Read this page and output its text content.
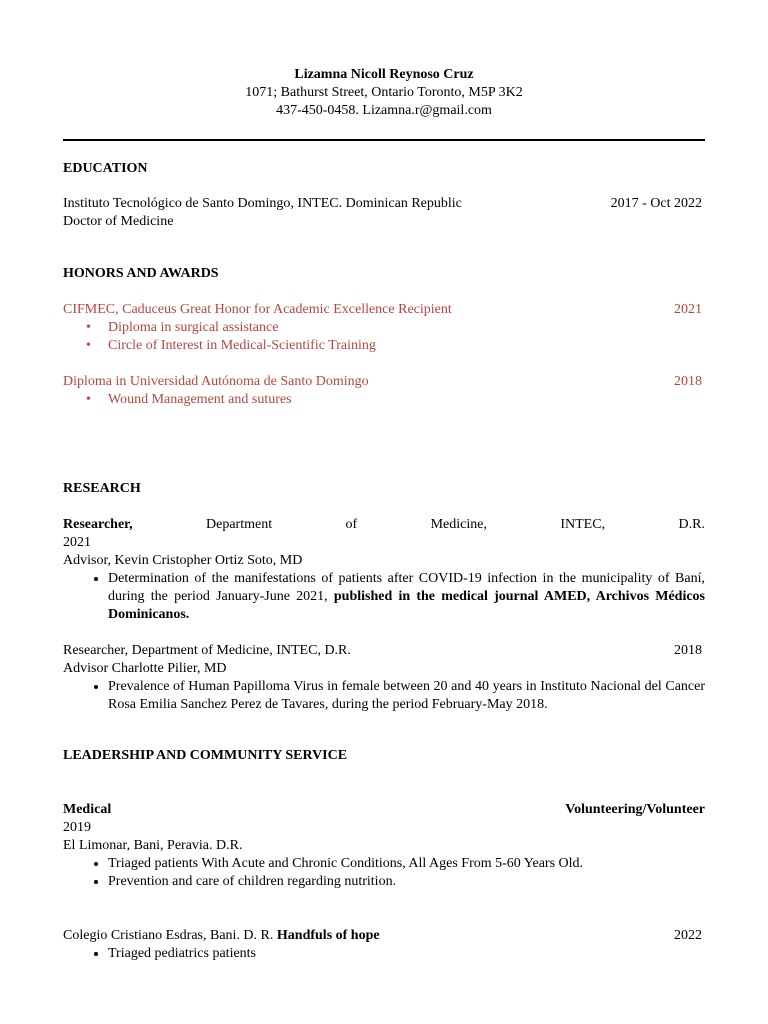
Lizamna Nicoll Reynoso Cruz
1071; Bathurst Street, Ontario Toronto, M5P 3K2
437-450-0458. Lizamna.r@gmail.com
EDUCATION
Instituto Tecnológico de Santo Domingo, INTEC. Dominican Republic	2017 - Oct 2022
Doctor of Medicine
HONORS AND AWARDS
CIFMEC, Caduceus Great Honor for Academic Excellence Recipient	2021
• Diploma in surgical assistance
• Circle of Interest in Medical-Scientific Training
Diploma in Universidad Autónoma de Santo Domingo	2018
• Wound Management and sutures
RESEARCH
Researcher,	Department	of	Medicine,	INTEC,	D.R.
2021
Advisor, Kevin Cristopher Ortiz Soto, MD
• Determination of the manifestations of patients after COVID-19 infection in the municipality of Baní, during the period January-June 2021, published in the medical journal AMED, Archivos Médicos Dominicanos.
Researcher, Department of Medicine, INTEC, D.R.	2018
Advisor Charlotte Pilier, MD
• Prevalence of Human Papilloma Virus in female between 20 and 40 years in Instituto Nacional del Cancer Rosa Emilia Sanchez Perez de Tavares, during the period February-May 2018.
LEADERSHIP AND COMMUNITY SERVICE
Medical	Volunteering/Volunteer
2019
El Limonar, Bani, Peravia. D.R.
• Triaged patients With Acute and Chronic Conditions, All Ages From 5-60 Years Old.
• Prevention and care of children regarding nutrition.
Colegio Cristiano Esdras, Bani. D. R. Handfuls of hope	2022
• Triaged pediatrics patients
